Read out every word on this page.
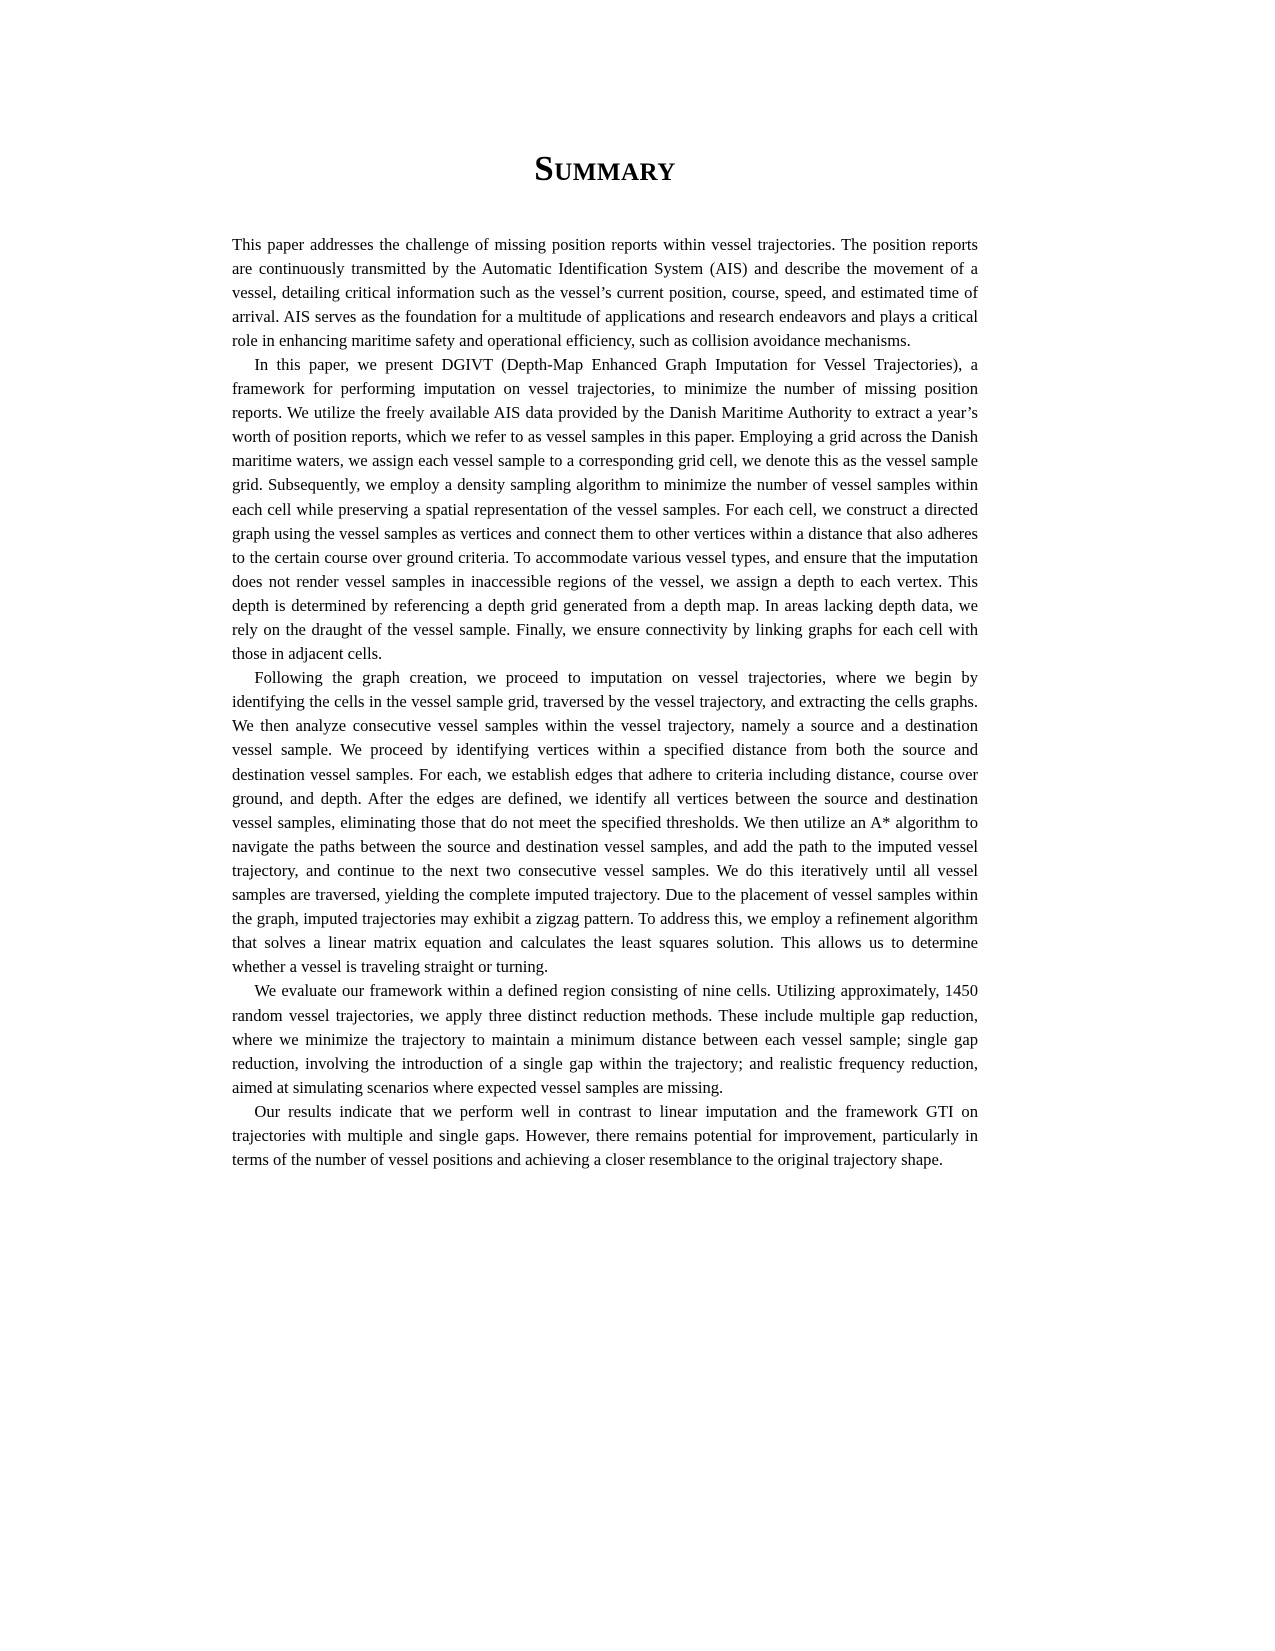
Summary

This paper addresses the challenge of missing position reports within vessel trajectories. The position reports are continuously transmitted by the Automatic Identification System (AIS) and describe the movement of a vessel, detailing critical information such as the vessel’s current position, course, speed, and estimated time of arrival. AIS serves as the foundation for a multitude of applications and research endeavors and plays a critical role in enhancing maritime safety and operational efficiency, such as collision avoidance mechanisms.

In this paper, we present DGIVT (Depth-Map Enhanced Graph Imputation for Vessel Trajectories), a framework for performing imputation on vessel trajectories, to minimize the number of missing position reports. We utilize the freely available AIS data provided by the Danish Maritime Authority to extract a year’s worth of position reports, which we refer to as vessel samples in this paper. Employing a grid across the Danish maritime waters, we assign each vessel sample to a corresponding grid cell, we denote this as the vessel sample grid. Subsequently, we employ a density sampling algorithm to minimize the number of vessel samples within each cell while preserving a spatial representation of the vessel samples. For each cell, we construct a directed graph using the vessel samples as vertices and connect them to other vertices within a distance that also adheres to the certain course over ground criteria. To accommodate various vessel types, and ensure that the imputation does not render vessel samples in inaccessible regions of the vessel, we assign a depth to each vertex. This depth is determined by referencing a depth grid generated from a depth map. In areas lacking depth data, we rely on the draught of the vessel sample. Finally, we ensure connectivity by linking graphs for each cell with those in adjacent cells.

Following the graph creation, we proceed to imputation on vessel trajectories, where we begin by identifying the cells in the vessel sample grid, traversed by the vessel trajectory, and extracting the cells graphs. We then analyze consecutive vessel samples within the vessel trajectory, namely a source and a destination vessel sample. We proceed by identifying vertices within a specified distance from both the source and destination vessel samples. For each, we establish edges that adhere to criteria including distance, course over ground, and depth. After the edges are defined, we identify all vertices between the source and destination vessel samples, eliminating those that do not meet the specified thresholds. We then utilize an A* algorithm to navigate the paths between the source and destination vessel samples, and add the path to the imputed vessel trajectory, and continue to the next two consecutive vessel samples. We do this iteratively until all vessel samples are traversed, yielding the complete imputed trajectory. Due to the placement of vessel samples within the graph, imputed trajectories may exhibit a zigzag pattern. To address this, we employ a refinement algorithm that solves a linear matrix equation and calculates the least squares solution. This allows us to determine whether a vessel is traveling straight or turning.

We evaluate our framework within a defined region consisting of nine cells. Utilizing approximately, 1450 random vessel trajectories, we apply three distinct reduction methods. These include multiple gap reduction, where we minimize the trajectory to maintain a minimum distance between each vessel sample; single gap reduction, involving the introduction of a single gap within the trajectory; and realistic frequency reduction, aimed at simulating scenarios where expected vessel samples are missing.

Our results indicate that we perform well in contrast to linear imputation and the framework GTI on trajectories with multiple and single gaps. However, there remains potential for improvement, particularly in terms of the number of vessel positions and achieving a closer resemblance to the original trajectory shape.
